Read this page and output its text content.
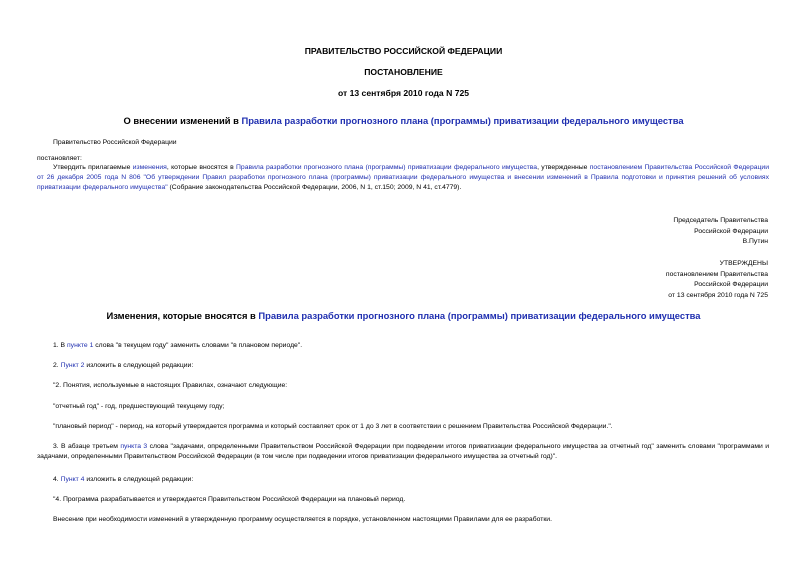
ПРАВИТЕЛЬСТВО РОССИЙСКОЙ ФЕДЕРАЦИИ
ПОСТАНОВЛЕНИЕ
от 13 сентября 2010 года N 725
О внесении изменений в Правила разработки прогнозного плана (программы) приватизации федерального имущества
Правительство Российской Федерации
постановляет:
Утвердить прилагаемые изменения, которые вносятся в Правила разработки прогнозного плана (программы) приватизации федерального имущества, утвержденные постановлением Правительства Российской Федерации от 26 декабря 2005 года N 806 "Об утверждении Правил разработки прогнозного плана (программы) приватизации федерального имущества и внесении изменений в Правила подготовки и принятия решений об условиях приватизации федерального имущества" (Собрание законодательства Российской Федерации, 2006, N 1, ст.150; 2009, N 41, ст.4779).
Председатель Правительства
Российской Федерации
В.Путин
УТВЕРЖДЕНЫ
постановлением Правительства
Российской Федерации
от 13 сентября 2010 года N 725
Изменения, которые вносятся в Правила разработки прогнозного плана (программы) приватизации федерального имущества
1. В пункте 1 слова "в текущем году" заменить словами "в плановом периоде".
2. Пункт 2 изложить в следующей редакции:
"2. Понятия, используемые в настоящих Правилах, означают следующие:
"отчетный год" - год, предшествующий текущему году;
"плановый период" - период, на который утверждается программа и который составляет срок от 1 до 3 лет в соответствии с решением Правительства Российской Федерации.".
3. В абзаце третьем пункта 3 слова "задачами, определенными Правительством Российской Федерации при подведении итогов приватизации федерального имущества за отчетный год" заменить словами "программами и задачами, определенными Правительством Российской Федерации (в том числе при подведении итогов приватизации федерального имущества за отчетный год)".
4. Пункт 4 изложить в следующей редакции:
"4. Программа разрабатывается и утверждается Правительством Российской Федерации на плановый период.
Внесение при необходимости изменений в утвержденную программу осуществляется в порядке, установленном настоящими Правилами для ее разработки.
